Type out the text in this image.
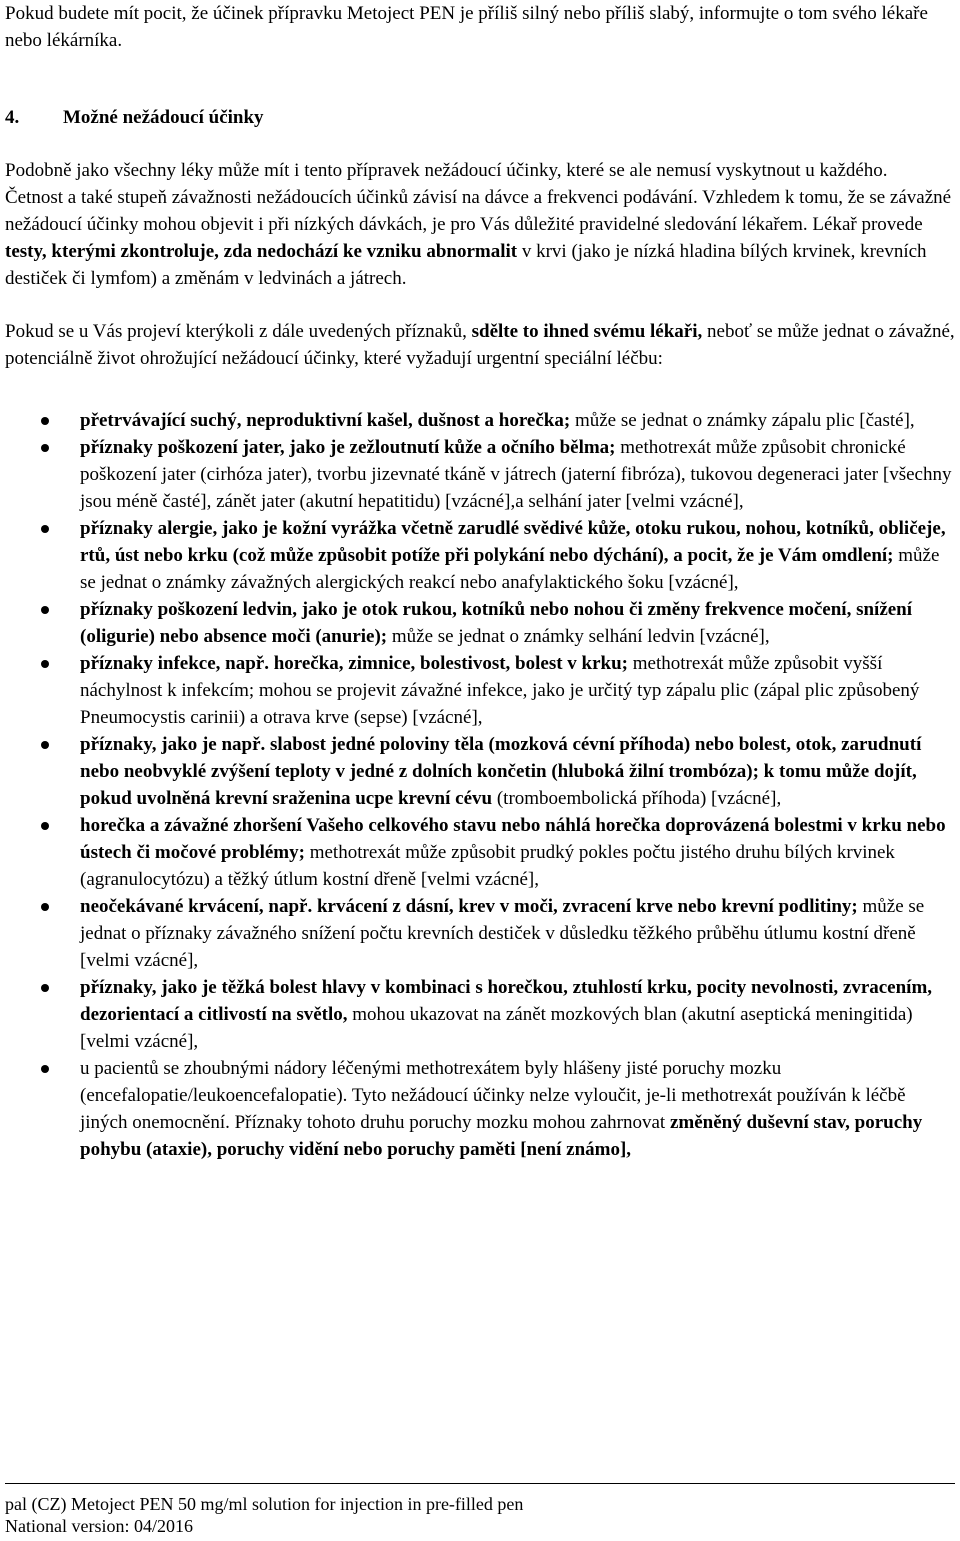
Pokud budete mít pocit, že účinek přípravku Metoject PEN je příliš silný nebo příliš slabý, informujte o tom svého lékaře nebo lékárníka.

4. Možné nežádoucí účinky

Podobně jako všechny léky může mít i tento přípravek nežádoucí účinky, které se ale nemusí vyskytnout u každého.

Četnost a také stupeň závažnosti nežádoucích účinků závisí na dávce a frekvenci podávání. Vzhledem k tomu, že se závažné nežádoucí účinky mohou objevit i při nízkých dávkách, je pro Vás důležité pravidelné sledování lékařem. Lékař provede testy, kterými zkontroluje, zda nedochází ke vzniku abnormalit v krvi (jako je nízká hladina bílých krvinek, krevních destiček či lymfom) a změnám v ledvinách a játrech.

Pokud se u Vás projeví kterýkoli z dále uvedených příznaků, sdělte to ihned svému lékaři, neboť se může jednat o závažné, potenciálně život ohrožující nežádoucí účinky, které vyžadují urgentní speciální léčbu:

přetrvávající suchý, neproduktivní kašel, dušnost a horečka; může se jednat o známky zápalu plic [časté],
příznaky poškození jater, jako je zežloutnutí kůže a očního bělma; methotrexát může způsobit chronické poškození jater (cirhóza jater), tvorbu jizevnaté tkáně v játrech (jaterní fibróza), tukovou degeneraci jater [všechny jsou méně časté], zánět jater (akutní hepatitidu) [vzácné],a selhání jater [velmi vzácné],
příznaky alergie, jako je kožní vyrážka včetně zarudlé svědivé kůže, otoku rukou, nohou, kotníků, obličeje, rtů, úst nebo krku (což může způsobit potíže při polykání nebo dýchání), a pocit, že je Vám omdlení; může se jednat o známky závažných alergických reakcí nebo anafylaktického šoku [vzácné],
příznaky poškození ledvin, jako je otok rukou, kotníků nebo nohou či změny frekvence močení, snížení (oligurie) nebo absence moči (anurie); může se jednat o známky selhání ledvin [vzácné],
příznaky infekce, např. horečka, zimnice, bolestivost, bolest v krku; methotrexát může způsobit vyšší náchylnost k infekcím; mohou se projevit závažné infekce, jako je určitý typ zápalu plic (zápal plic způsobený Pneumocystis carinii) a otrava krve (sepse) [vzácné],
příznaky, jako je např. slabost jedné poloviny těla (mozková cévní příhoda) nebo bolest, otok, zarudnutí nebo neobvyklé zvýšení teploty v jedné z dolních končetin (hluboká žilní trombóza); k tomu může dojít, pokud uvolněná krevní sraženina ucpe krevní cévu (tromboembolická příhoda) [vzácné],
horečka a závažné zhoršení Vašeho celkového stavu nebo náhlá horečka doprovázená bolestmi v krku nebo ústech či močové problémy; methotrexát může způsobit prudký pokles počtu jistého druhu bílých krvinek (agranulocytózu) a těžký útlum kostní dřeně [velmi vzácné],
neočekávané krvácení, např. krvácení z dásní, krev v moči, zvracení krve nebo krevní podlitiny; může se jednat o příznaky závažného snížení počtu krevních destiček v důsledku těžkého průběhu útlumu kostní dřeně [velmi vzácné],
příznaky, jako je těžká bolest hlavy v kombinaci s horečkou, ztuhlostí krku, pocity nevolnosti, zvracením, dezorientací a citlivostí na světlo, mohou ukazovat na zánět mozkových blan (akutní aseptická meningitida) [velmi vzácné],
u pacientů se zhoubnými nádory léčenými methotrexátem byly hlášeny jisté poruchy mozku (encefalopatie/leukoencefalopatie). Tyto nežádoucí účinky nelze vyloučit, je-li methotrexát používán k léčbě jiných onemocnění. Příznaky tohoto druhu poruchy mozku mohou zahrnovat změněný duševní stav, poruchy pohybu (ataxie), poruchy vidění nebo poruchy paměti [není známo],
pal (CZ) Metoject PEN 50 mg/ml solution for injection in pre-filled pen
National version: 04/2016
